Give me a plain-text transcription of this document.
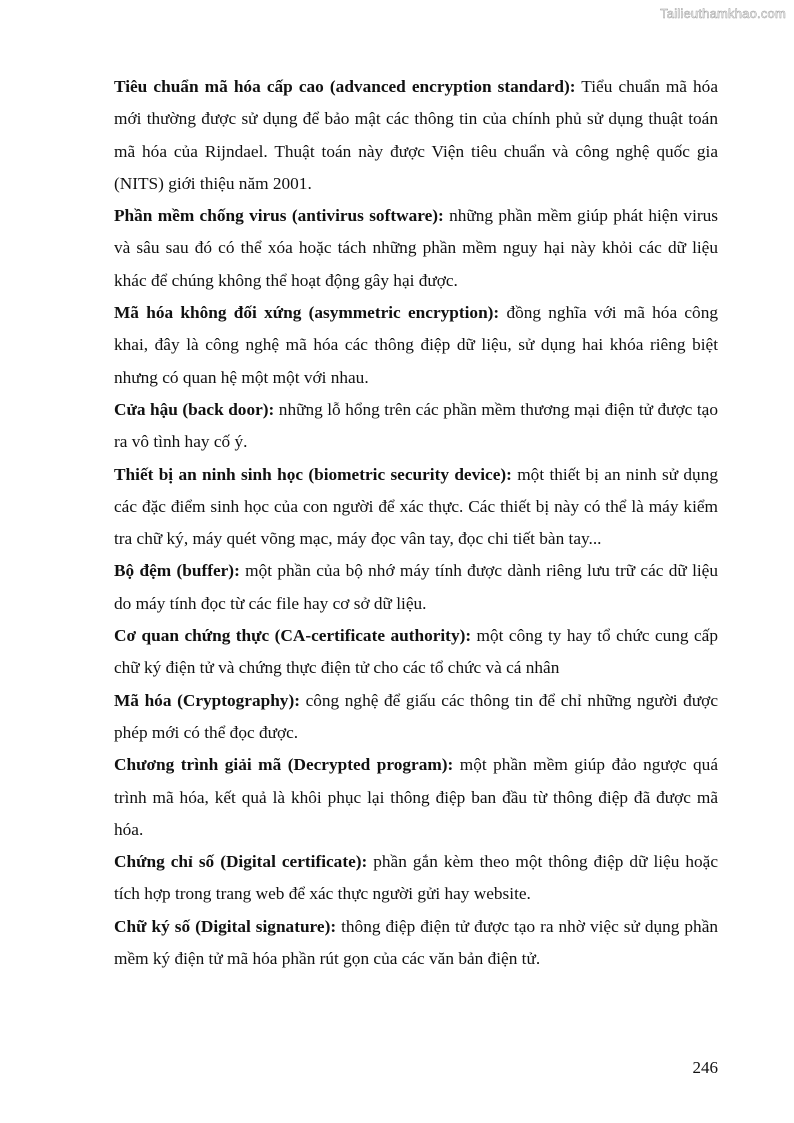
Tailieuthamkhao.com

Tiêu chuẩn mã hóa cấp cao (advanced encryption standard): Tiểu chuẩn mã hóa mới thường được sử dụng để bảo mật các thông tin của chính phủ sử dụng thuật toán mã hóa của Rijndael. Thuật toán này được Viện tiêu chuẩn và công nghệ quốc gia (NITS) giới thiệu năm 2001.

Phần mềm chống virus (antivirus software): những phần mềm giúp phát hiện virus và sâu sau đó có thể xóa hoặc tách những phần mềm nguy hại này khỏi các dữ liệu khác để chúng không thể hoạt động gây hại được.

Mã hóa không đối xứng (asymmetric encryption): đồng nghĩa với mã hóa công khai, đây là công nghệ mã hóa các thông điệp dữ liệu, sử dụng hai khóa riêng biệt nhưng có quan hệ một một với nhau.

Cửa hậu (back door): những lỗ hổng trên các phần mềm thương mại điện tử được tạo ra vô tình hay cố ý.

Thiết bị an ninh sinh học (biometric security device): một thiết bị an ninh sử dụng các đặc điểm sinh học của con người để xác thực. Các thiết bị này có thể là máy kiểm tra chữ ký, máy quét võng mạc, máy đọc vân tay, đọc chi tiết bàn tay...

Bộ đệm (buffer): một phần của bộ nhớ máy tính được dành riêng lưu trữ các dữ liệu do máy tính đọc từ các file hay cơ sở dữ liệu.

Cơ quan chứng thực (CA-certificate authority): một công ty hay tổ chức cung cấp chữ ký điện tử và chứng thực điện tử cho các tổ chức và cá nhân

Mã hóa (Cryptography): công nghệ để giấu các thông tin để chỉ những người được phép mới có thể đọc được.

Chương trình giải mã (Decrypted program): một phần mềm giúp đảo ngược quá trình mã hóa, kết quả là khôi phục lại thông điệp ban đầu từ thông điệp đã được mã hóa.

Chứng chỉ số (Digital certificate): phần gắn kèm theo một thông điệp dữ liệu hoặc tích hợp trong trang web để xác thực người gửi hay website.

Chữ ký số (Digital signature): thông điệp điện tử được tạo ra nhờ việc sử dụng phần mềm ký điện tử mã hóa phần rút gọn của các văn bản điện tử.

246
